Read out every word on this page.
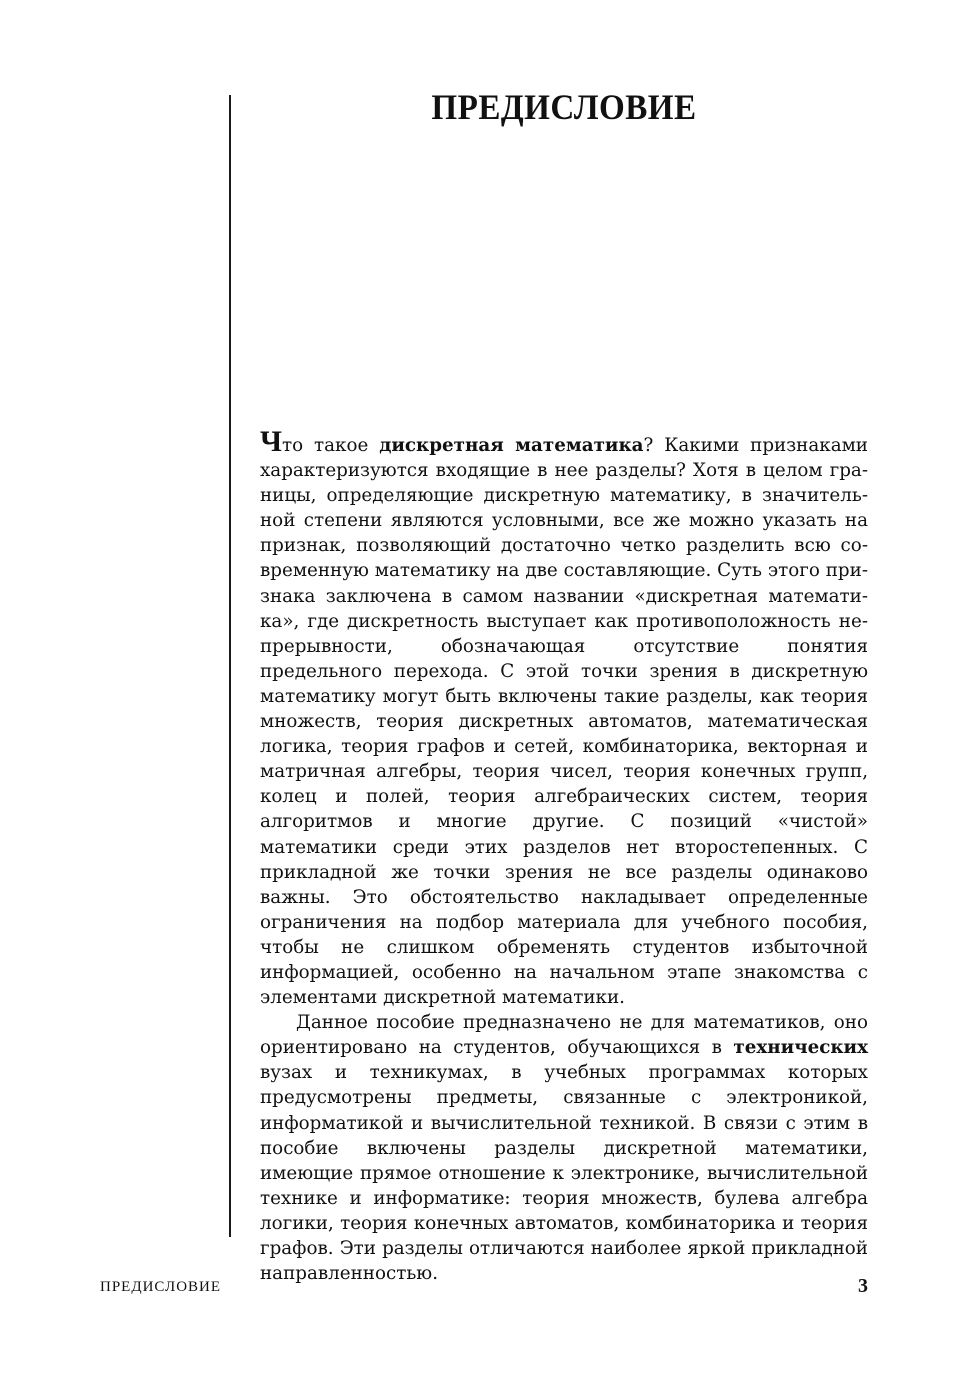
ПРЕДИСЛОВИЕ

Что такое дискретная математика? Какими признаками характеризуются входящие в нее разделы? Хотя в целом границы, определяющие дискретную математику, в значительной степени являются условными, все же можно указать на признак, позволяющий достаточно четко разделить всю современную математику на две составляющие. Суть этого признака заключена в самом названии «дискретная математика», где дискретность выступает как противоположность непрерывности, обозначающая отсутствие понятия предельного перехода. С этой точки зрения в дискретную математику могут быть включены такие разделы, как теория множеств, теория дискретных автоматов, математическая логика, теория графов и сетей, комбинаторика, векторная и матричная алгебры, теория чисел, теория конечных групп, колец и полей, теория алгебраических систем, теория алгоритмов и многие другие. С позиций «чистой» математики среди этих разделов нет второстепенных. С прикладной же точки зрения не все разделы одинаково важны. Это обстоятельство накладывает определенные ограничения на подбор материала для учебного пособия, чтобы не слишком обременять студентов избыточной информацией, особенно на начальном этапе знакомства с элементами дискретной математики.

Данное пособие предназначено не для математиков, оно ориентировано на студентов, обучающихся в технических вузах и техникумах, в учебных программах которых предусмотрены предметы, связанные с электроникой, информатикой и вычислительной техникой. В связи с этим в пособие включены разделы дискретной математики, имеющие прямое отношение к электронике, вычислительной технике и информатике: теория множеств, булева алгебра логики, теория конечных автоматов, комбинаторика и теория графов. Эти разделы отличаются наиболее яркой прикладной направленностью.

ПРЕДИСЛОВИЕ	3
